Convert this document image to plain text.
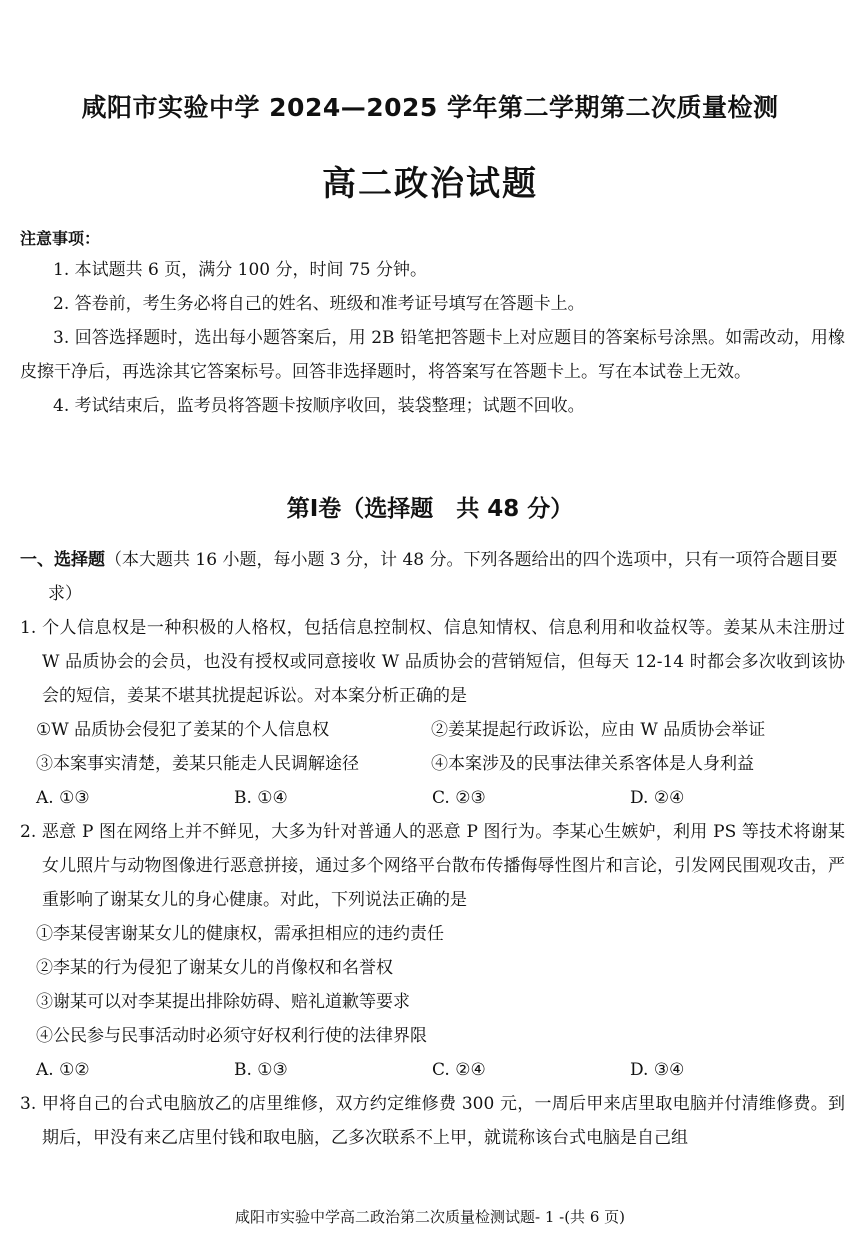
咸阳市实验中学 2024—2025 学年第二学期第二次质量检测
高二政治试题
注意事项：

1. 本试题共 6 页，满分 100 分，时间 75 分钟。

2. 答卷前，考生务必将自己的姓名、班级和准考证号填写在答题卡上。

3. 回答选择题时，选出每小题答案后，用 2B 铅笔把答题卡上对应题目的答案标号涂黑。如需改动，用橡皮擦干净后，再选涂其它答案标号。回答非选择题时，将答案写在答题卡上。写在本试卷上无效。

4. 考试结束后，监考员将答题卡按顺序收回，装袋整理；试题不回收。

第Ⅰ卷（选择题　共 48 分）

一、选择题（本大题共 16 小题，每小题 3 分，计 48 分。下列各题给出的四个选项中，只有一项符合题目要求）

1. 个人信息权是一种积极的人格权，包括信息控制权、信息知情权、信息利用和收益权等。姜某从未注册过 W 品质协会的会员，也没有授权或同意接收 W 品质协会的营销短信，但每天 12-14 时都会多次收到该协会的短信，姜某不堪其扰提起诉讼。对本案分析正确的是

①W 品质协会侵犯了姜某的个人信息权	②姜某提起行政诉讼，应由 W 品质协会举证
③本案事实清楚，姜某只能走人民调解途径	④本案涉及的民事法律关系客体是人身利益
A. ①③	B. ①④	C. ②③	D. ②④

2. 恶意 P 图在网络上并不鲜见，大多为针对普通人的恶意 P 图行为。李某心生嫉妒，利用 PS 等技术将谢某女儿照片与动物图像进行恶意拼接，通过多个网络平台散布传播侮辱性图片和言论，引发网民围观攻击，严重影响了谢某女儿的身心健康。对此，下列说法正确的是

①李某侵害谢某女儿的健康权，需承担相应的违约责任
②李某的行为侵犯了谢某女儿的肖像权和名誉权
③谢某可以对李某提出排除妨碍、赔礼道歉等要求
④公民参与民事活动时必须守好权利行使的法律界限
A. ①②	B. ①③	C. ②④	D. ③④

3. 甲将自己的台式电脑放乙的店里维修，双方约定维修费 300 元，一周后甲来店里取电脑并付清维修费。到期后，甲没有来乙店里付钱和取电脑，乙多次联系不上甲，就谎称该台式电脑是自己组

咸阳市实验中学高二政治第二次质量检测试题- 1 -(共 6 页)
